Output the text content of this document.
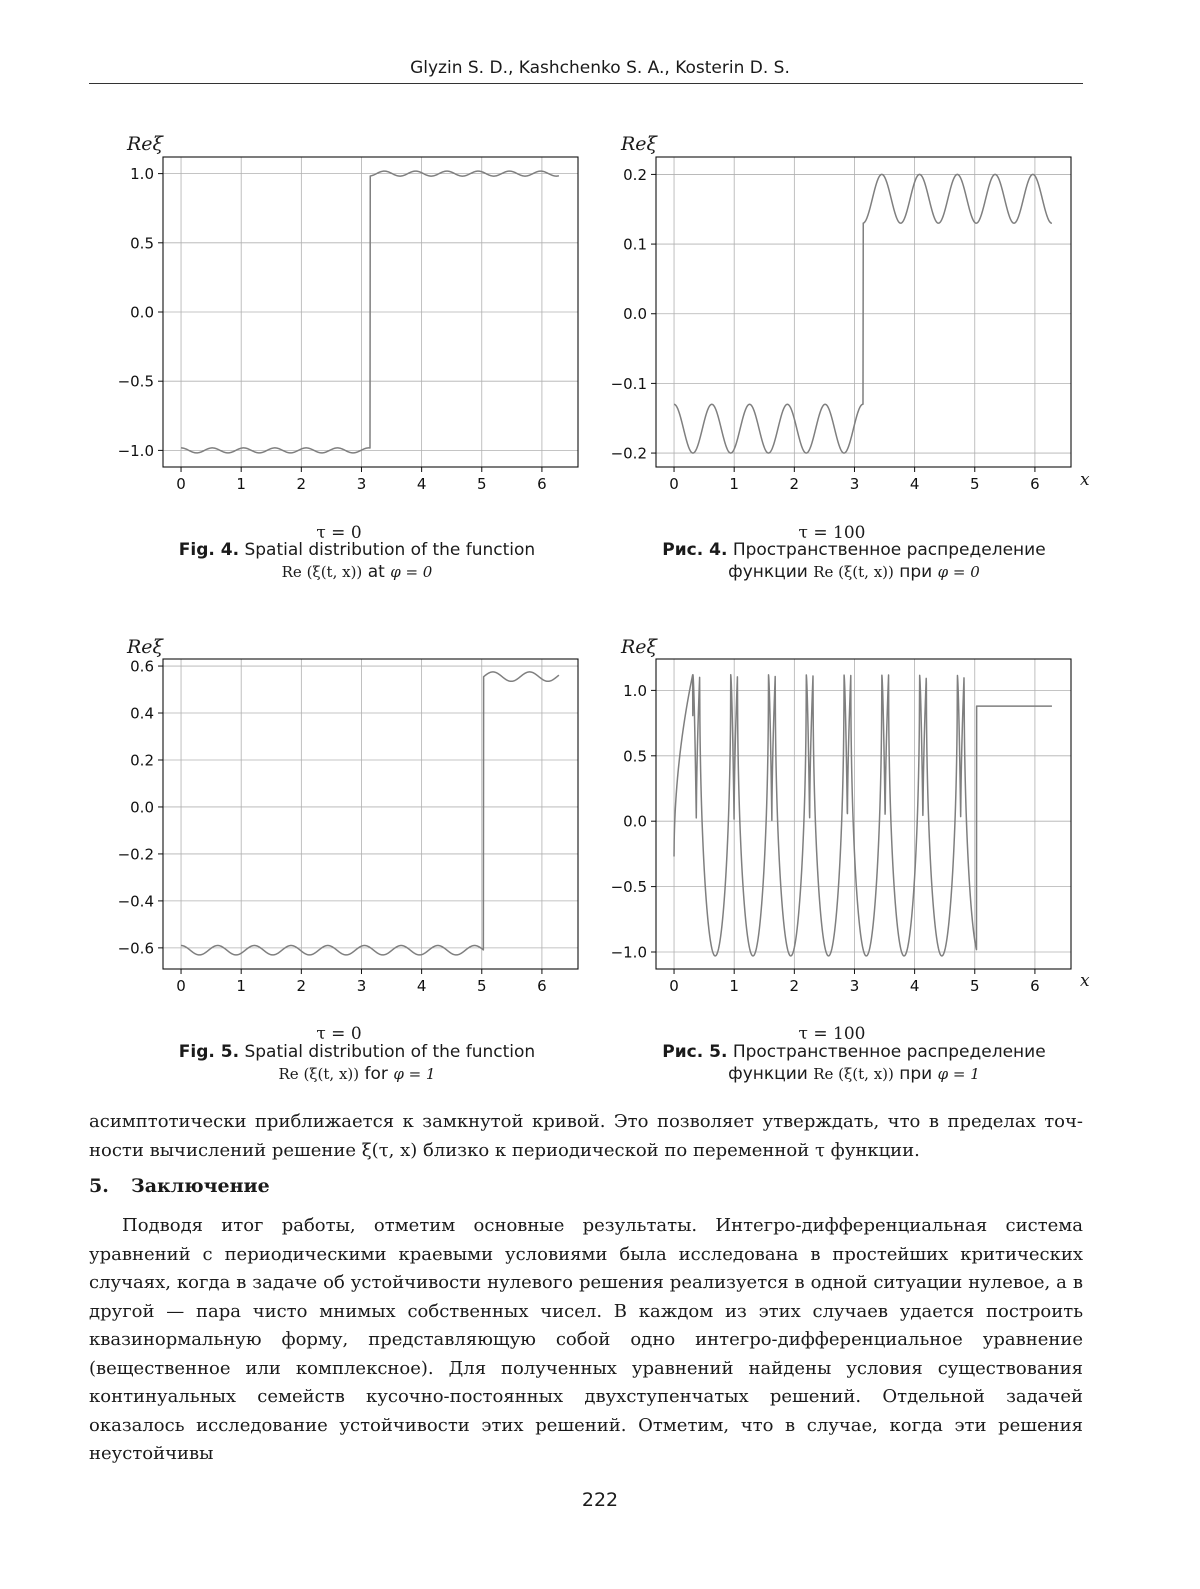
Glyzin S. D., Kashchenko S. A., Kosterin D. S.
Reξ
0	1	2	3	4	5	6
−1.0
−0.5
0.0
0.5
1.0
τ = 0
Reξ
0	1	2	3	4	5	6
−0.2
−0.1
0.0
0.1
0.2
x
τ = 100
Fig. 4. Spatial distribution of the function
Re (ξ(t, x)) at φ = 0
Рис. 4. Пространственное распределение
функции Re (ξ(t, x)) при φ = 0
Reξ
0	1	2	3	4	5	6
−0.6
−0.4
−0.2
0.0
0.2
0.4
0.6
τ = 0
Reξ
0	1	2	3	4	5	6
−1.0
−0.5
0.0
0.5
1.0
x
τ = 100
Fig. 5. Spatial distribution of the function
Re (ξ(t, x)) for φ = 1
Рис. 5. Пространственное распределение
функции Re (ξ(t, x)) при φ = 1
асимптотически приближается к замкнутой кривой. Это позволяет утверждать, что в пределах точ-
ности вычислений решение ξ(τ, x) близко к периодической по переменной τ функции.
5. Заключение
Подводя итог работы, отметим основные результаты. Интегро-дифференциальная система уравнений с периодическими краевыми условиями была исследована в простейших критических случаях, когда в задаче об устойчивости нулевого решения реализуется в одной ситуации нулевое, а в другой — пара чисто мнимых собственных чисел. В каждом из этих случаев удается построить квазинормальную форму, представляющую собой одно интегро-дифференциальное уравнение (вещественное или комплексное). Для полученных уравнений найдены условия существования континуальных семейств кусочно-постоянных двухступенчатых решений. Отдельной задачей оказалось исследование устойчивости этих решений. Отметим, что в случае, когда эти решения неустойчивы
222
